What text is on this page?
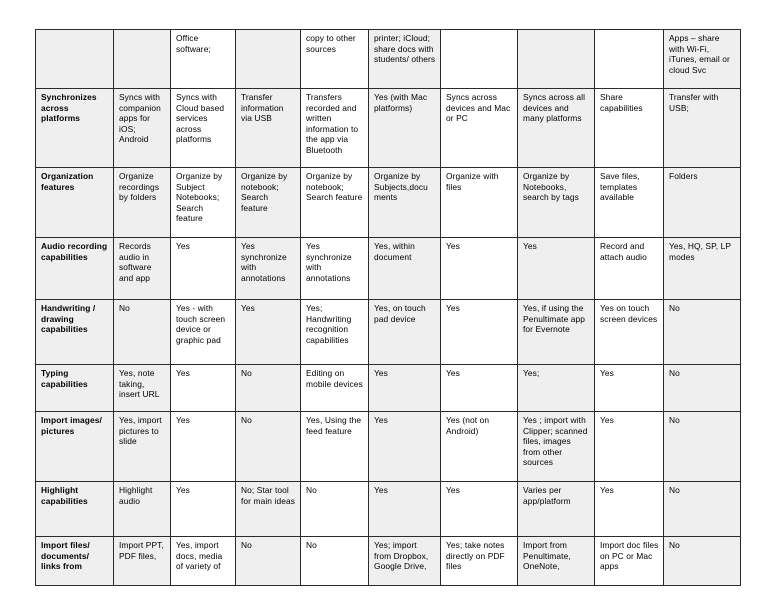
		Office software;		copy to other sources	printer; iCloud; share docs with students/ others				Apps – share with Wi-Fi, iTunes, email or cloud Svc
Synchronizes across platforms	Syncs with companion apps for iOS; Android	Syncs with Cloud based services across platforms	Transfer information via USB	Transfers recorded and written information to the app via Bluetooth	Yes (with Mac platforms)	Syncs across devices and Mac or PC	Syncs across all devices and many platforms	Share capabilities	Transfer with USB;
Organization features	Organize recordings by folders	Organize by Subject Notebooks; Search feature	Organize by notebook; Search feature	Organize by notebook; Search feature	Organize by Subjects,docu ments	Organize with files	Organize by Notebooks, search by tags	Save files, templates available	Folders
Audio recording capabilities	Records audio in software and app	Yes	Yes synchronize with annotations	Yes synchronize with annotations	Yes, within document	Yes	Yes	Record and attach audio	Yes, HQ, SP, LP modes
Handwriting / drawing capabilities	No	Yes - with touch screen device or graphic pad	Yes	Yes; Handwriting recognition capabilities	Yes, on touch pad device	Yes	Yes, if using the Penultimate app for Evernote	Yes on touch screen devices	No
Typing capabilities	Yes, note taking, insert URL	Yes	No	Editing on mobile devices	Yes	Yes	Yes;	Yes	No
Import images/ pictures	Yes, import pictures to slide	Yes	No	Yes, Using the feed feature	Yes	Yes (not on Android)	Yes ; import with Clipper; scanned files, images from other sources	Yes	No
Highlight capabilities	Highlight audio	Yes	No; Star tool for main ideas	No	Yes	Yes	Varies per app/platform	Yes	No
Import files/ documents/ links from	Import PPT, PDF files,	Yes, import docs, media of variety of	No	No	Yes; import from Dropbox, Google Drive,	Yes; take notes directly on PDF files	Import from Penultimate, OneNote,	Import doc files on PC or Mac apps	No
